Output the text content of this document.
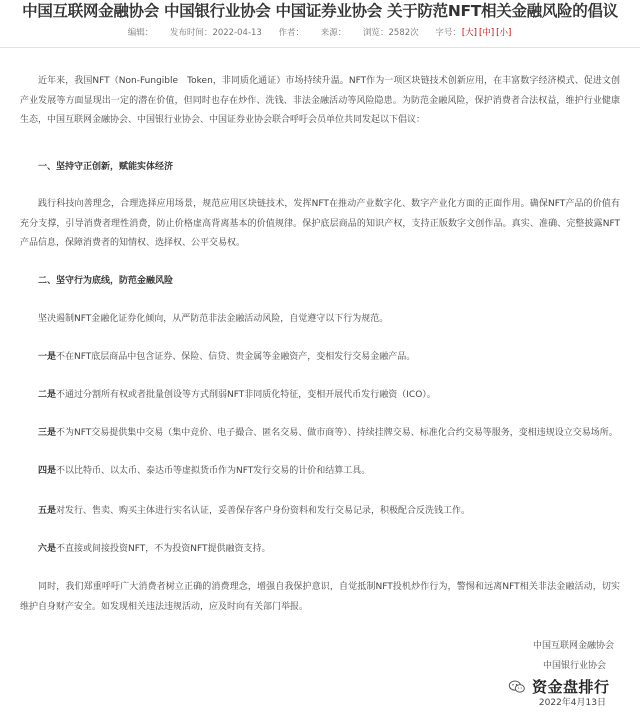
中国互联网金融协会 中国银行业协会 中国证券业协会 关于防范NFT相关金融风险的倡议
编辑： 发布时间：2022-04-13 作者： 来源： 浏览：2582次 字号：[大] [中] [小]

近年来，我国NFT（Non-Fungible　Token，非同质化通证）市场持续升温。NFT作为一项区块链技术创新应用，在丰富数字经济模式、促进文创产业发展等方面显现出一定的潜在价值，但同时也存在炒作、洗钱、非法金融活动等风险隐患。为防范金融风险，保护消费者合法权益，维护行业健康生态，中国互联网金融协会、中国银行业协会、中国证券业协会联合呼吁会员单位共同发起以下倡议：

一、坚持守正创新，赋能实体经济

践行科技向善理念，合理选择应用场景，规范应用区块链技术，发挥NFT在推动产业数字化、数字产业化方面的正面作用。确保NFT产品的价值有充分支撑，引导消费者理性消费，防止价格虚高背离基本的价值规律。保护底层商品的知识产权，支持正版数字文创作品。真实、准确、完整披露NFT产品信息，保障消费者的知情权、选择权、公平交易权。

二、坚守行为底线，防范金融风险

坚决遏制NFT金融化证券化倾向，从严防范非法金融活动风险，自觉遵守以下行为规范。

一是不在NFT底层商品中包含证券、保险、信贷、贵金属等金融资产，变相发行交易金融产品。

二是不通过分割所有权或者批量创设等方式削弱NFT非同质化特征，变相开展代币发行融资（ICO）。

三是不为NFT交易提供集中交易（集中竞价、电子撮合、匿名交易、做市商等）、持续挂牌交易、标准化合约交易等服务，变相违规设立交易场所。

四是不以比特币、以太币、泰达币等虚拟货币作为NFT发行交易的计价和结算工具。

五是对发行、售卖、购买主体进行实名认证，妥善保存客户身份资料和发行交易记录，积极配合反洗钱工作。

六是不直接或间接投资NFT，不为投资NFT提供融资支持。

同时，我们郑重呼吁广大消费者树立正确的消费理念，增强自我保护意识，自觉抵制NFT投机炒作行为，警惕和远离NFT相关非法金融活动，切实维护自身财产安全。如发现相关违法违规活动，应及时向有关部门举报。

中国互联网金融协会
中国银行业协会
2022年4月13日
资金盘排行
